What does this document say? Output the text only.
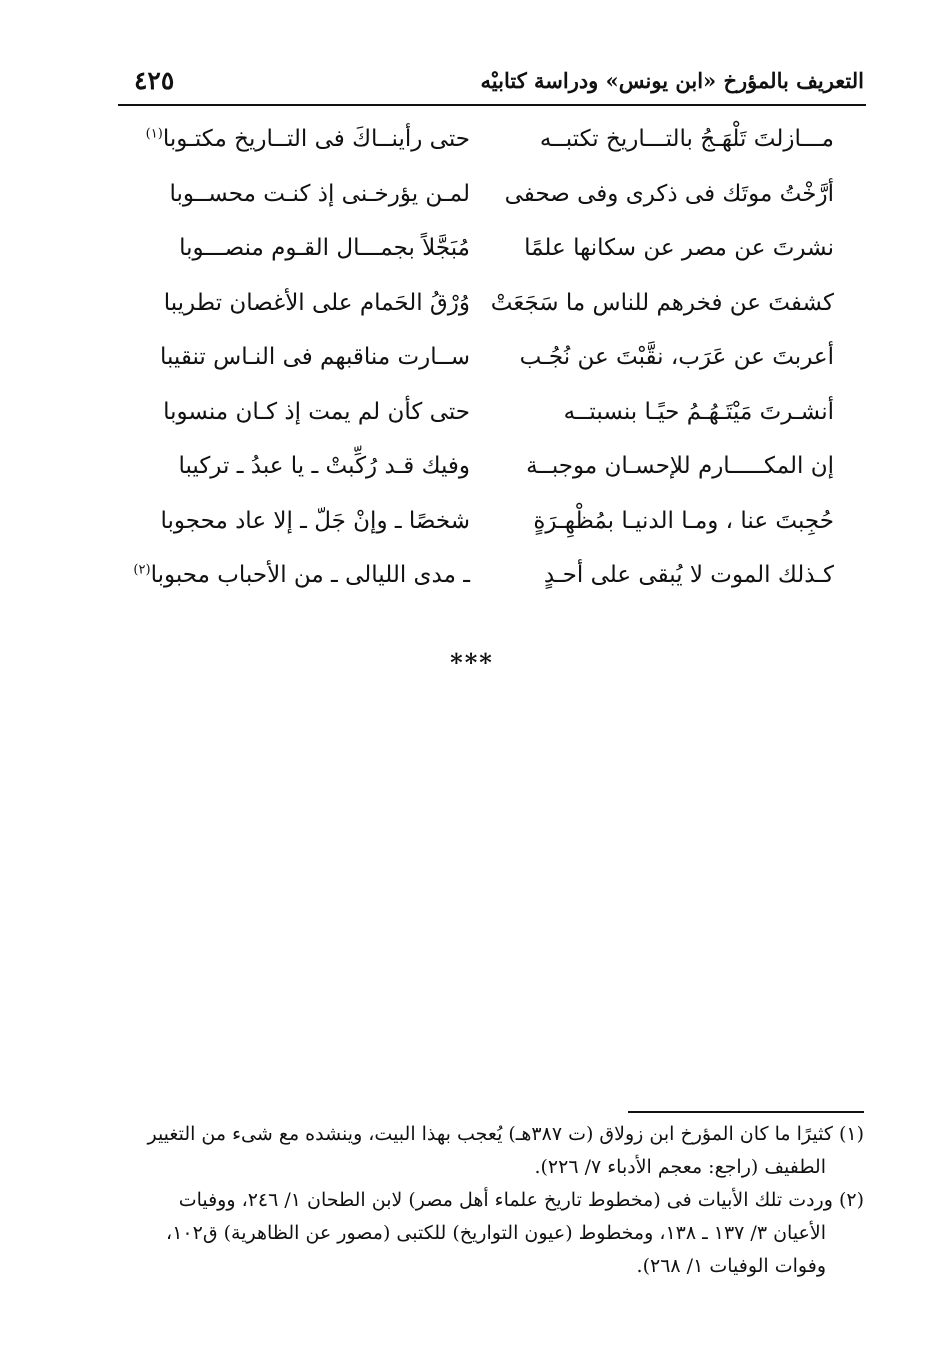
التعريف بالمؤرخ «ابن يونس» ودراسة كتابيْه
٤٢٥
مـــازلتَ تَلْهَـجُ بالتـــاريخ تكتبــه
حتى رأينــاكَ فى التــاريخ مكتـوبا$^{(١)}$
أرَّخْتُ موتَك فى ذكرى وفى صحفى
لمـن يؤرخـنى إذ كنـت محســوبا
نشرتَ عن مصر عن سكانها علمًا
مُبَجَّلاً بجمـــال القـوم منصـــوبا
كشفتَ عن فخرهم للناس ما سَجَعَتْ
وُرْقُ الحَمام على الأغصان تطريبا
أعربتَ عن عَرَب، نقَّبْتَ عن نُجُـب
ســارت مناقبهم فى النـاس تنقيبا
أنشـرتَ مَيْتَـهُـمُ حيًـا بنسبتــه
حتى كأن لم يمت إذ كـان منسوبا
إن المكـــــارم للإحسـان موجبــة
وفيك قـد رُكِّبتْ ـ يا عبدُ ـ تركيبا
حُجِبتَ عنا ، ومـا الدنيـا بمُظْهِـرَةٍ
شخصًا ـ وإنْ جَلّ ـ إلا عاد محجوبا
كـذلك الموت لا يُبقى على أحـدٍ
ـ مدى الليالى ـ من الأحباب محبوبا$^{(٢)}$
***
(١) كثيرًا ما كان المؤرخ ابن زولاق (ت ٣٨٧هـ) يُعجب بهذا البيت، وينشده مع شىء من التغيير
الطفيف (راجع: معجم الأدباء ٧/ ٢٢٦).
(٢) وردت تلك الأبيات فى (مخطوط تاريخ علماء أهل مصر) لابن الطحان ١/ ٢٤٦، ووفيات
الأعيان ٣/ ١٣٧ ـ ١٣٨، ومخطوط (عيون التواريخ) للكتبى (مصور عن الظاهرية) ق١٠٢،
وفوات الوفيات ١/ ٢٦٨).
